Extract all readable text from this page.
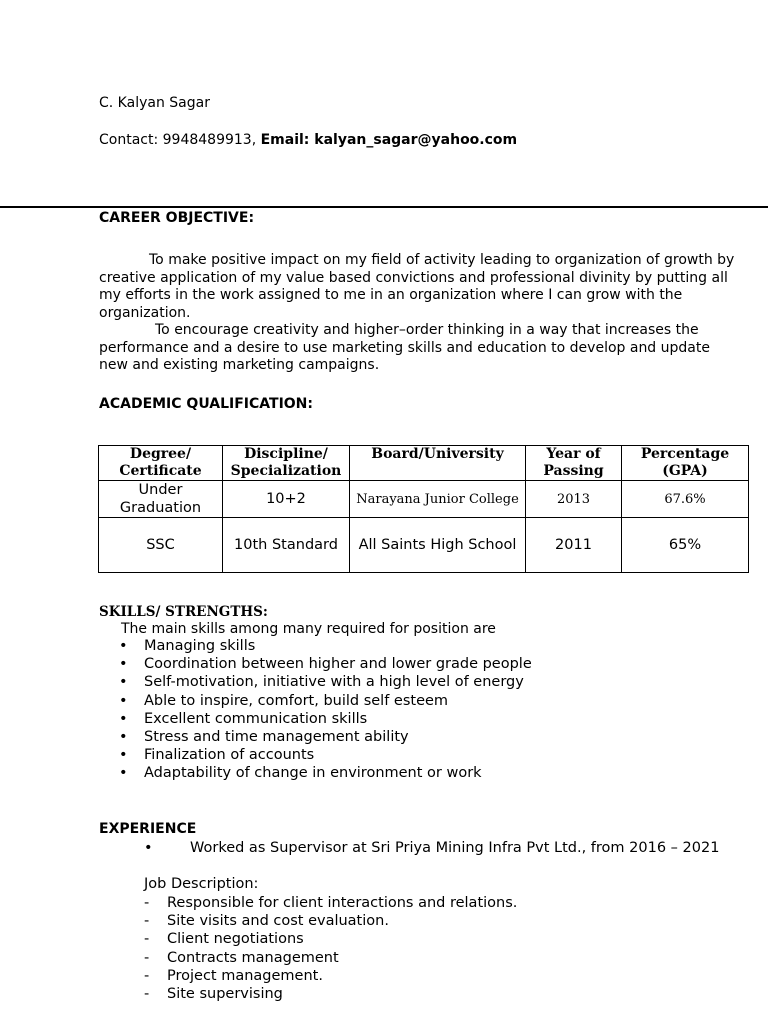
C. Kalyan Sagar
Contact: 9948489913, Email: kalyan_sagar@yahoo.com
CAREER OBJECTIVE:
To make positive impact on my field of activity leading to organization of growth by creative application of my value based convictions and professional divinity by putting all my efforts in the work assigned to me in an organization where I can grow with the organization.
To encourage creativity and higher–order thinking in a way that increases the performance and a desire to use marketing skills and education to develop and update new and existing marketing campaigns.
ACADEMIC QUALIFICATION:
Degree/ Certificate	Discipline/ Specialization	Board/University	Year of Passing	Percentage (GPA)
Under Graduation	10+2	Narayana Junior College	2013	67.6%
SSC	10th Standard	All Saints High School	2011	65%
SKILLS/ STRENGTHS:
The main skills among many required for position are
• Managing skills
• Coordination between higher and lower grade people
• Self-motivation, initiative with a high level of energy
• Able to inspire, comfort, build self esteem
• Excellent communication skills
• Stress and time management ability
• Finalization of accounts
• Adaptability of change in environment or work
EXPERIENCE
•	Worked as Supervisor at Sri Priya Mining Infra Pvt Ltd., from 2016 – 2021
Job Description:
- Responsible for client interactions and relations.
- Site visits and cost evaluation.
- Client negotiations
- Contracts management
- Project management.
- Site supervising
